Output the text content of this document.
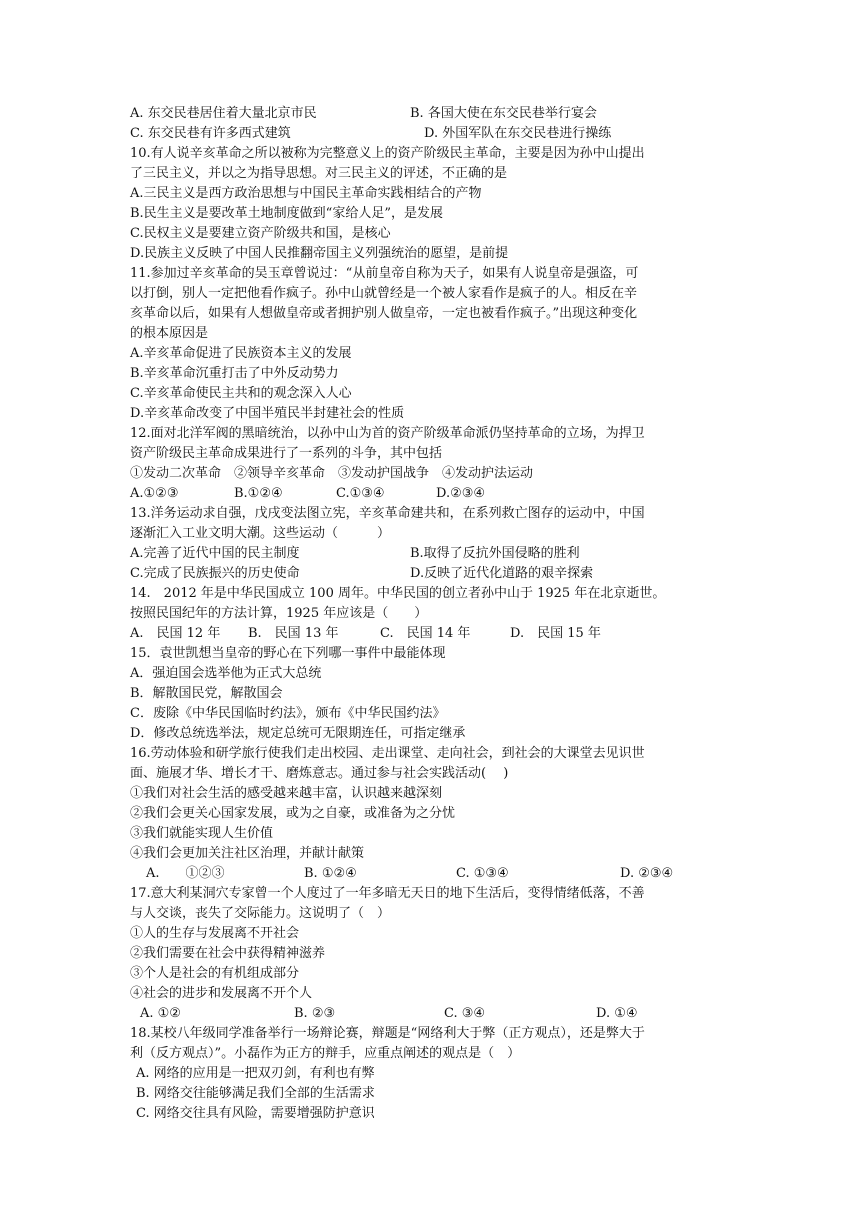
A. 东交民巷居住着大量北京市民	B. 各国大使在东交民巷举行宴会
C. 东交民巷有许多西式建筑	D. 外国军队在东交民巷进行操练
10.有人说辛亥革命之所以被称为完整意义上的资产阶级民主革命，主要是因为孙中山提出
了三民主义，并以之为指导思想。对三民主义的评述，不正确的是
A.三民主义是西方政治思想与中国民主革命实践相结合的产物
B.民生主义是要改革土地制度做到“家给人足”，是发展
C.民权主义是要建立资产阶级共和国，是核心
D.民族主义反映了中国人民推翻帝国主义列强统治的愿望，是前提
11.参加过辛亥革命的吴玉章曾说过：“从前皇帝自称为天子，如果有人说皇帝是强盗，可
以打倒，别人一定把他看作疯子。孙中山就曾经是一个被人家看作是疯子的人。相反在辛
亥革命以后，如果有人想做皇帝或者拥护别人做皇帝，一定也被看作疯子。”出现这种变化
的根本原因是
A.辛亥革命促进了民族资本主义的发展
B.辛亥革命沉重打击了中外反动势力
C.辛亥革命使民主共和的观念深入人心
D.辛亥革命改变了中国半殖民半封建社会的性质
12.面对北洋军阀的黑暗统治，以孙中山为首的资产阶级革命派仍坚持革命的立场，为捍卫
资产阶级民主革命成果进行了一系列的斗争，其中包括
①发动二次革命　②领导辛亥革命　③发动护国战争　④发动护法运动
A.①②③	B.①②④	C.①③④	D.②③④
13.洋务运动求自强，戊戌变法图立宪，辛亥革命建共和，在系列救亡图存的运动中，中国
逐渐汇入工业文明大潮。这些运动（　　　）
A.完善了近代中国的民主制度	B.取得了反抗外国侵略的胜利
C.完成了民族振兴的历史使命	D.反映了近代化道路的艰辛探索
14.　2012 年是中华民国成立 100 周年。中华民国的创立者孙中山于 1925 年在北京逝世。
按照民国纪年的方法计算，1925 年应该是（　　）
A.　民国 12 年 B.　民国 13 年	C.　民国 14 年	D.　民国 15 年
15．袁世凯想当皇帝的野心在下列哪一事件中最能体现
A．强迫国会选举他为正式大总统
B．解散国民党，解散国会
C．废除《中华民国临时约法》，颁布《中华民国约法》
D．修改总统选举法，规定总统可无限期连任，可指定继承
16.劳动体验和研学旅行使我们走出校园、走出课堂、走向社会，到社会的大课堂去见识世
面、施展才华、增长才干、磨炼意志。通过参与社会实践活动(　 )
①我们对社会生活的感受越来越丰富，认识越来越深刻
②我们会更关心国家发展，或为之自豪，或准备为之分忧
③我们就能实现人生价值
④我们会更加关注社区治理，并献计献策
A.　　①②③	B. ①②④	C. ①③④	D. ②③④
17.意大利某洞穴专家曾一个人度过了一年多暗无天日的地下生活后，变得情绪低落，不善
与人交谈，丧失了交际能力。这说明了（　）
①人的生存与发展离不开社会
②我们需要在社会中获得精神滋养
③个人是社会的有机组成部分
④社会的进步和发展离不开个人
A. ①②	B. ②③	C. ③④	D. ①④
18.某校八年级同学准备举行一场辩论赛，辩题是“网络利大于弊（正方观点），还是弊大于
利（反方观点）”。小磊作为正方的辩手，应重点阐述的观点是（　）
A. 网络的应用是一把双刃剑，有利也有弊
B. 网络交往能够满足我们全部的生活需求
C. 网络交往具有风险，需要增强防护意识
